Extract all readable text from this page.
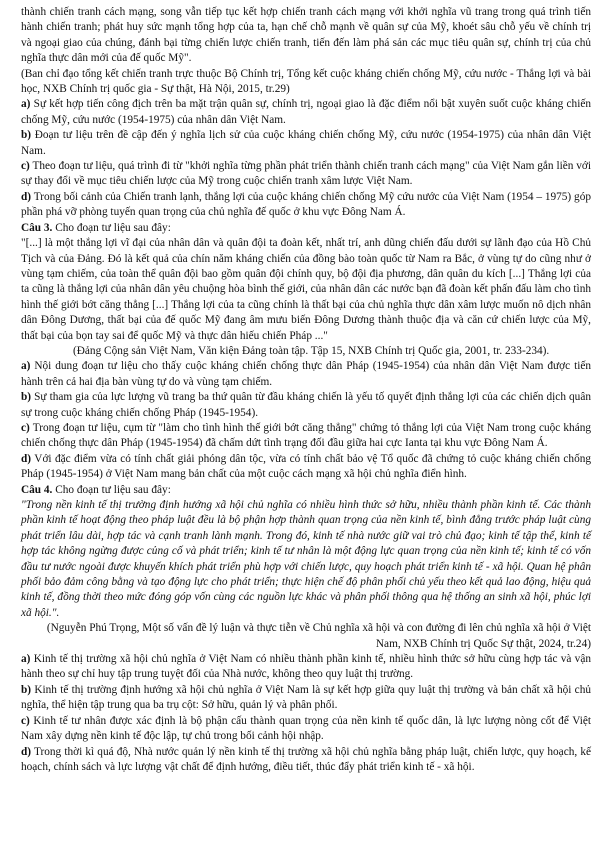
thành chiến tranh cách mạng, song vẫn tiếp tục kết hợp chiến tranh cách mạng với khởi nghĩa vũ trang trong quá trình tiến hành chiến tranh; phát huy sức mạnh tổng hợp của ta, hạn chế chỗ mạnh về quân sự của Mỹ, khoét sâu chỗ yếu về chính trị và ngoại giao của chúng, đánh bại từng chiến lược chiến tranh, tiến đến làm phá sản các mục tiêu quân sự, chính trị của chủ nghĩa thực dân mới của đế quốc Mỹ".

(Ban chỉ đạo tổng kết chiến tranh trực thuộc Bộ Chính trị, Tổng kết cuộc kháng chiến chống Mỹ, cứu nước - Thắng lợi và bài học, NXB Chính trị quốc gia - Sự thật, Hà Nội, 2015, tr.29)

a) Sự kết hợp tiến công địch trên ba mặt trận quân sự, chính trị, ngoại giao là đặc điểm nổi bật xuyên suốt cuộc kháng chiến chống Mỹ, cứu nước (1954-1975) của nhân dân Việt Nam.

b) Đoạn tư liệu trên đề cập đến ý nghĩa lịch sử của cuộc kháng chiến chống Mỹ, cứu nước (1954-1975) của nhân dân Việt Nam.

c) Theo đoạn tư liệu, quá trình đi từ "khởi nghĩa từng phần phát triển thành chiến tranh cách mạng" của Việt Nam gắn liền với sự thay đổi về mục tiêu chiến lược của Mỹ trong cuộc chiến tranh xâm lược Việt Nam.

d) Trong bối cảnh của Chiến tranh lạnh, thắng lợi của cuộc kháng chiến chống Mỹ cứu nước của Việt Nam (1954 – 1975) góp phần phá vỡ phòng tuyến quan trọng của chủ nghĩa đế quốc ở khu vực Đông Nam Á.

Câu 3. Cho đoạn tư liệu sau đây:

"[...] là một thắng lợi vĩ đại của nhân dân và quân đội ta đoàn kết, nhất trí, anh dũng chiến đấu dưới sự lãnh đạo của Hồ Chủ Tịch và của Đảng. Đó là kết quả của chín năm kháng chiến của đồng bào toàn quốc từ Nam ra Bắc, ở vùng tự do cũng như ở vùng tạm chiếm, của toàn thể quân đội bao gồm quân đội chính quy, bộ đội địa phương, dân quân du kích [...] Thắng lợi của ta cũng là thắng lợi của nhân dân yêu chuộng hòa bình thế giới, của nhân dân các nước bạn đã đoàn kết phấn đấu làm cho tình hình thế giới bớt căng thẳng [...] Thắng lợi của ta cũng chính là thất bại của chủ nghĩa thực dân xâm lược muốn nô dịch nhân dân Đông Dương, thất bại của đế quốc Mỹ đang âm mưu biến Đông Dương thành thuộc địa và căn cứ chiến lược của Mỹ, thất bại của bọn tay sai để quốc Mỹ và thực dân hiếu chiến Pháp ..."

(Đảng Cộng sản Việt Nam, Văn kiện Đảng toàn tập. Tập 15, NXB Chính trị Quốc gia, 2001, tr. 233-234).

a) Nội dung đoạn tư liệu cho thấy cuộc kháng chiến chống thực dân Pháp (1945-1954) của nhân dân Việt Nam được tiến hành trên cả hai địa bàn vùng tự do và vùng tạm chiếm.

b) Sự tham gia của lực lượng vũ trang ba thứ quân từ đầu kháng chiến là yếu tố quyết định thắng lợi của các chiến dịch quân sự trong cuộc kháng chiến chống Pháp (1945-1954).

c) Trong đoạn tư liệu, cụm từ "làm cho tình hình thế giới bớt căng thẳng" chứng tỏ thắng lợi của Việt Nam trong cuộc kháng chiến chống thực dân Pháp (1945-1954) đã chấm dứt tình trạng đối đầu giữa hai cực Ianta tại khu vực Đông Nam Á.

d) Với đặc điểm vừa có tính chất giải phóng dân tộc, vừa có tính chất bảo vệ Tổ quốc đã chứng tỏ cuộc kháng chiến chống Pháp (1945-1954) ở Việt Nam mang bản chất của một cuộc cách mạng xã hội chủ nghĩa điển hình.

Câu 4. Cho đoạn tư liệu sau đây:

"Trong nền kinh tế thị trường định hướng xã hội chủ nghĩa có nhiều hình thức sở hữu, nhiều thành phần kinh tế. Các thành phần kinh tế hoạt động theo pháp luật đều là bộ phận hợp thành quan trọng của nền kinh tế, bình đẳng trước pháp luật cùng phát triển lâu dài, hợp tác và cạnh tranh lành mạnh. Trong đó, kinh tế nhà nước giữ vai trò chủ đạo; kinh tế tập thể, kinh tế hợp tác không ngừng được củng cố và phát triển; kinh tế tư nhân là một động lực quan trọng của nền kinh tế; kinh tế có vốn đầu tư nước ngoài được khuyến khích phát triển phù hợp với chiến lược, quy hoạch phát triển kinh tế - xã hội. Quan hệ phân phối bảo đảm công bằng và tạo động lực cho phát triển; thực hiện chế độ phân phối chủ yếu theo kết quả lao động, hiệu quả kinh tế, đồng thời theo mức đóng góp vốn cùng các nguồn lực khác và phân phối thông qua hệ thống an sinh xã hội, phúc lợi xã hội.".

(Nguyễn Phú Trọng, Một số vấn đề lý luận và thực tiễn về Chủ nghĩa xã hội và con đường đi lên chủ nghĩa xã hội ở Việt Nam, NXB Chính trị Quốc Sự thật, 2024, tr.24)

a) Kinh tế thị trường xã hội chủ nghĩa ở Việt Nam có nhiều thành phần kinh tế, nhiều hình thức sở hữu cùng hợp tác và vận hành theo sự chỉ huy tập trung tuyệt đối của Nhà nước, không theo quy luật thị trường.

b) Kinh tế thị trường định hướng xã hội chủ nghĩa ở Việt Nam là sự kết hợp giữa quy luật thị trường và bản chất xã hội chủ nghĩa, thể hiện tập trung qua ba trụ cột: Sở hữu, quản lý và phân phối.

c) Kinh tế tư nhân được xác định là bộ phận cấu thành quan trọng của nền kinh tế quốc dân, là lực lượng nòng cốt để Việt Nam xây dựng nền kinh tế độc lập, tự chủ trong bối cảnh hội nhập.

d) Trong thời kì quá độ, Nhà nước quản lý nền kinh tế thị trường xã hội chủ nghĩa bằng pháp luật, chiến lược, quy hoạch, kế hoạch, chính sách và lực lượng vật chất để định hướng, điều tiết, thúc đẩy phát triển kinh tế - xã hội.
